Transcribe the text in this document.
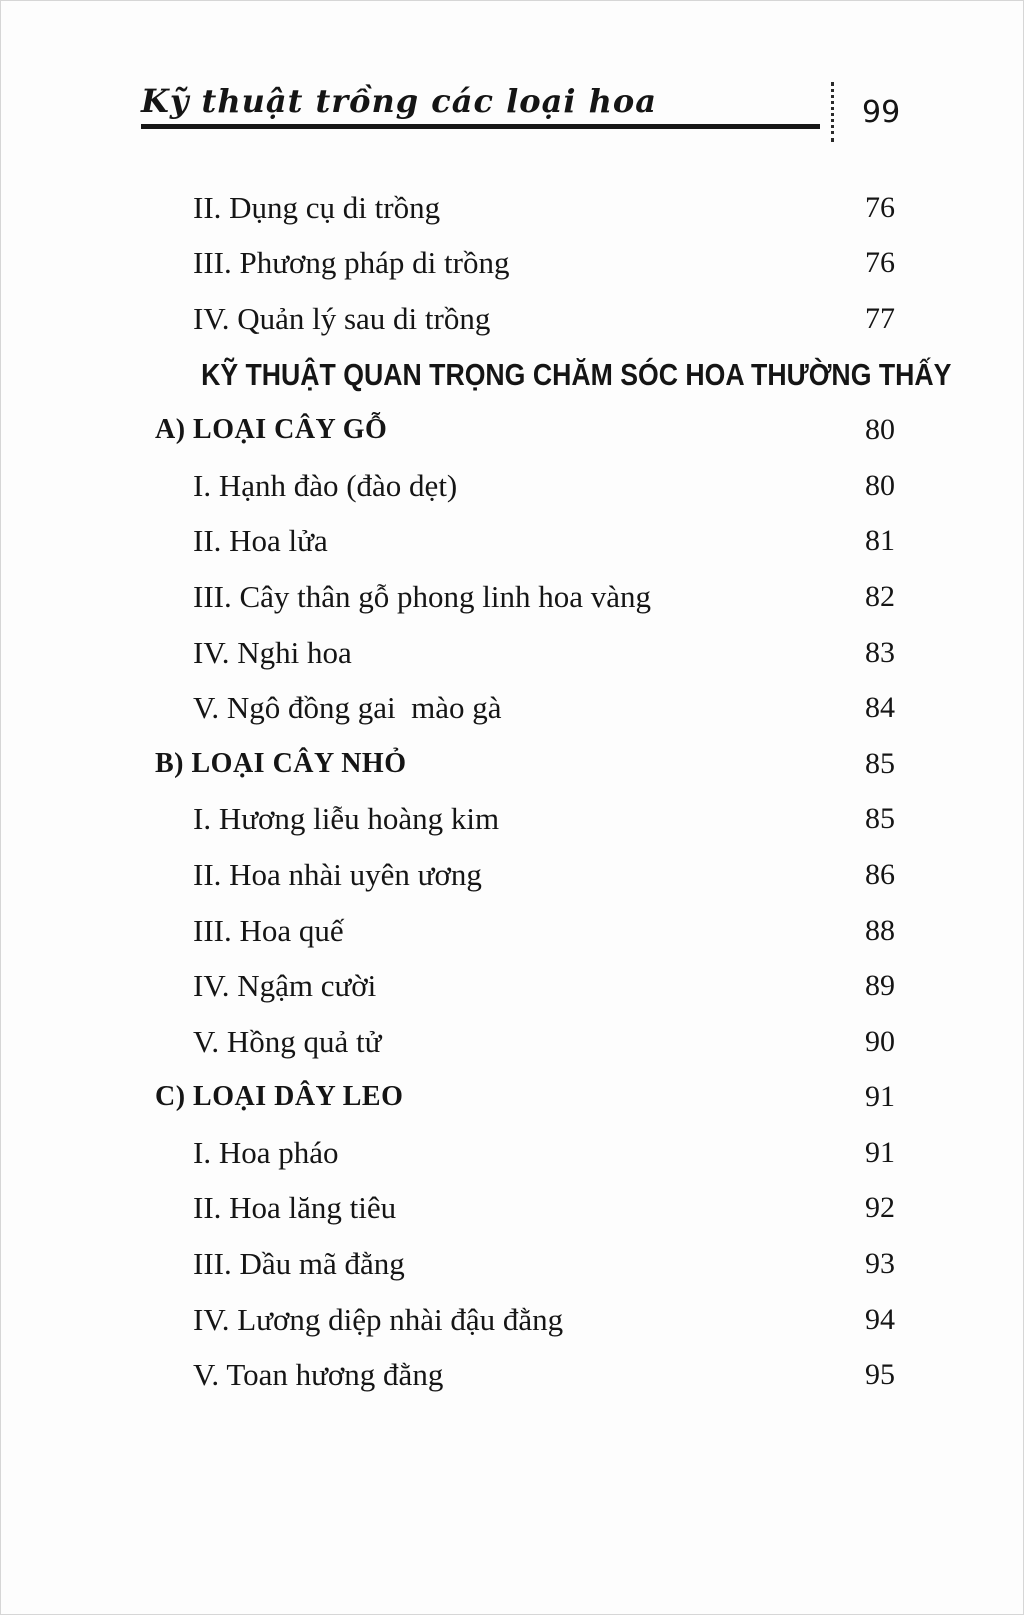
Kỹ thuật trồng các loại hoa	99
II. Dụng cụ di trồng	76
III. Phương pháp di trồng	76
IV. Quản lý sau di trồng	77
KỸ THUẬT QUAN TRỌNG CHĂM SÓC HOA THƯỜNG THẤY
A) LOẠI CÂY GỖ	80
I. Hạnh đào (đào dẹt)	80
II. Hoa lửa	81
III. Cây thân gỗ phong linh hoa vàng	82
IV. Nghi hoa	83
V. Ngô đồng gai  mào gà	84
B) LOẠI CÂY NHỎ	85
I. Hương liễu hoàng kim	85
II. Hoa nhài uyên ương	86
III. Hoa quế	88
IV. Ngậm cười	89
V. Hồng quả tử	90
C) LOẠI DÂY LEO	91
I. Hoa pháo	91
II. Hoa lăng tiêu	92
III. Dầu mã đằng	93
IV. Lương diệp nhài đậu đằng	94
V. Toan hương đằng	95
